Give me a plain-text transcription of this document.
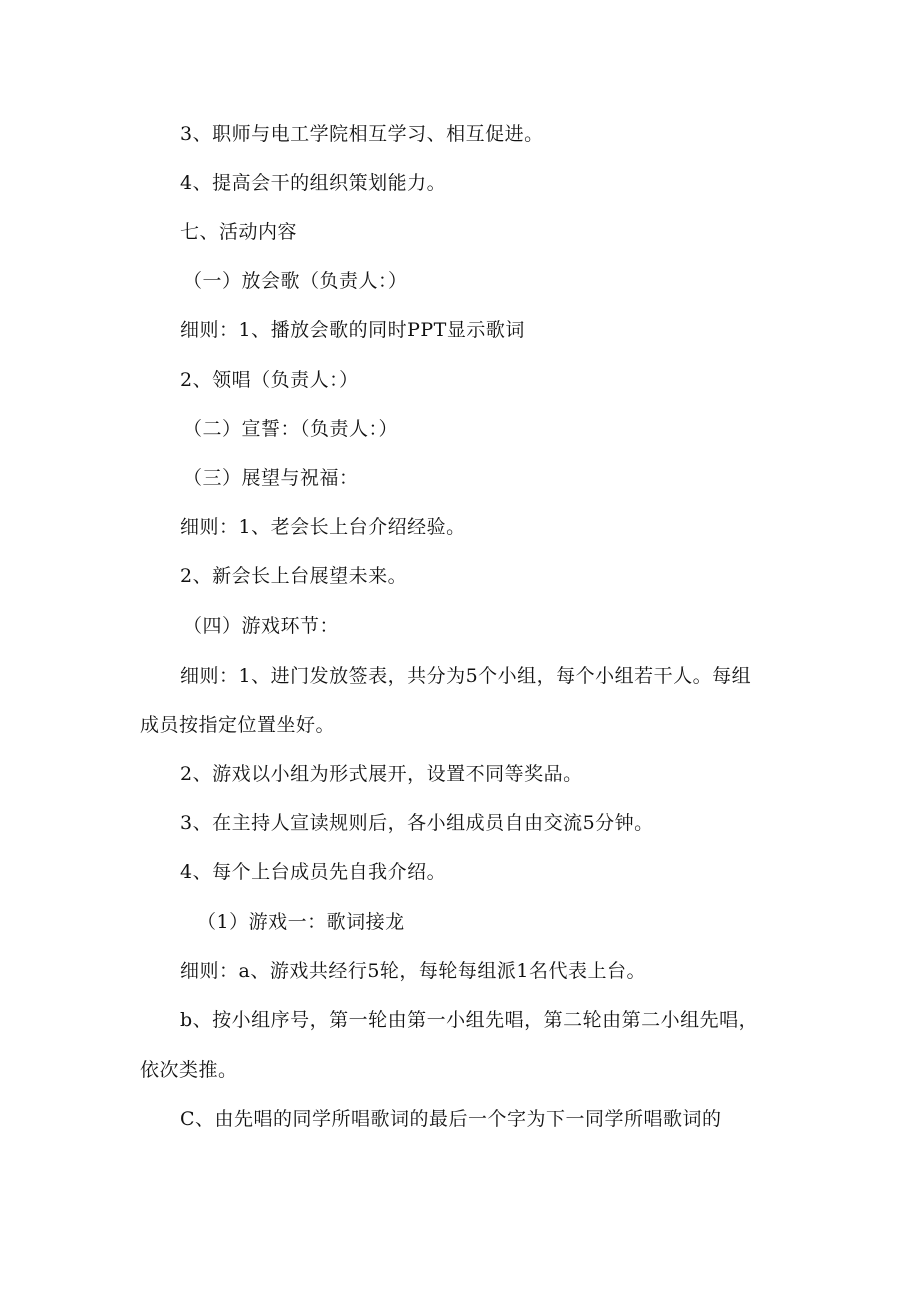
3、职师与电工学院相互学习、相互促进。
4、提高会干的组织策划能力。
七、活动内容
（一）放会歌（负责人：）
细则：1、播放会歌的同时PPT显示歌词
2、领唱（负责人：）
（二）宣誓：（负责人：）
（三）展望与祝福：
细则：1、老会长上台介绍经验。
2、新会长上台展望未来。
（四）游戏环节：
细则：1、进门发放签表，共分为5个小组，每个小组若干人。每组
成员按指定位置坐好。
2、游戏以小组为形式展开，设置不同等奖品。
3、在主持人宣读规则后，各小组成员自由交流5分钟。
4、每个上台成员先自我介绍。
（1）游戏一：歌词接龙
细则：a、游戏共经行5轮，每轮每组派1名代表上台。
b、按小组序号，第一轮由第一小组先唱，第二轮由第二小组先唱，
依次类推。
C、由先唱的同学所唱歌词的最后一个字为下一同学所唱歌词的
